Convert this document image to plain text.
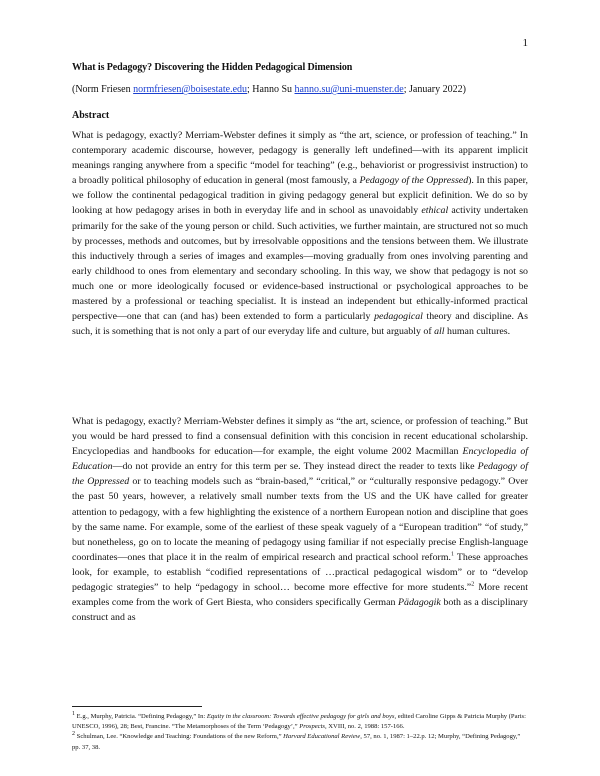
1
What is Pedagogy? Discovering the Hidden Pedagogical Dimension
(Norm Friesen normfriesen@boisestate.edu; Hanno Su hanno.su@uni-muenster.de; January 2022)
Abstract
What is pedagogy, exactly? Merriam-Webster defines it simply as “the art, science, or profession of teaching.” In contemporary academic discourse, however, pedagogy is generally left undefined—with its apparent implicit meanings ranging anywhere from a specific “model for teaching” (e.g., behaviorist or progressivist instruction) to a broadly political philosophy of education in general (most famously, a Pedagogy of the Oppressed). In this paper, we follow the continental pedagogical tradition in giving pedagogy general but explicit definition. We do so by looking at how pedagogy arises in both in everyday life and in school as unavoidably ethical activity undertaken primarily for the sake of the young person or child. Such activities, we further maintain, are structured not so much by processes, methods and outcomes, but by irresolvable oppositions and the tensions between them. We illustrate this inductively through a series of images and examples—moving gradually from ones involving parenting and early childhood to ones from elementary and secondary schooling. In this way, we show that pedagogy is not so much one or more ideologically focused or evidence-based instructional or psychological approaches to be mastered by a professional or teaching specialist. It is instead an independent but ethically-informed practical perspective—one that can (and has) been extended to form a particularly pedagogical theory and discipline. As such, it is something that is not only a part of our everyday life and culture, but arguably of all human cultures.
What is pedagogy, exactly? Merriam-Webster defines it simply as “the art, science, or profession of teaching.” But you would be hard pressed to find a consensual definition with this concision in recent educational scholarship. Encyclopedias and handbooks for education—for example, the eight volume 2002 Macmillan Encyclopedia of Education—do not provide an entry for this term per se. They instead direct the reader to texts like Pedagogy of the Oppressed or to teaching models such as “brain-based,” “critical,” or “culturally responsive pedagogy.” Over the past 50 years, however, a relatively small number texts from the US and the UK have called for greater attention to pedagogy, with a few highlighting the existence of a northern European notion and discipline that goes by the same name. For example, some of the earliest of these speak vaguely of a “European tradition” “of study,” but nonetheless, go on to locate the meaning of pedagogy using familiar if not especially precise English-language coordinates—ones that place it in the realm of empirical research and practical school reform.$^1$ These approaches look, for example, to establish “codified representations of …practical pedagogical wisdom” or to “develop pedagogic strategies” to help “pedagogy in school… become more effective for more students.”$^2$ More recent examples come from the work of Gert Biesta, who considers specifically German Pädagogik both as a disciplinary construct and as

$^1$ E.g., Murphy, Patricia. “Defining Pedagogy,” In: Equity in the classroom: Towards effective pedagogy for girls and boys, edited Caroline Gipps & Patricia Murphy (Paris: UNESCO, 1996), 28; Best, Francine. “The Metamorphoses of the Term ‘Pedagogy’,” Prospects, XVIII, no. 2, 1988: 157-166.

$^2$ Schulman, Lee. “Knowledge and Teaching: Foundations of the new Reform,” Harvard Educational Review, 57, no. 1, 1987: 1–22.p. 12; Murphy, “Defining Pedagogy,” pp. 37, 38.
